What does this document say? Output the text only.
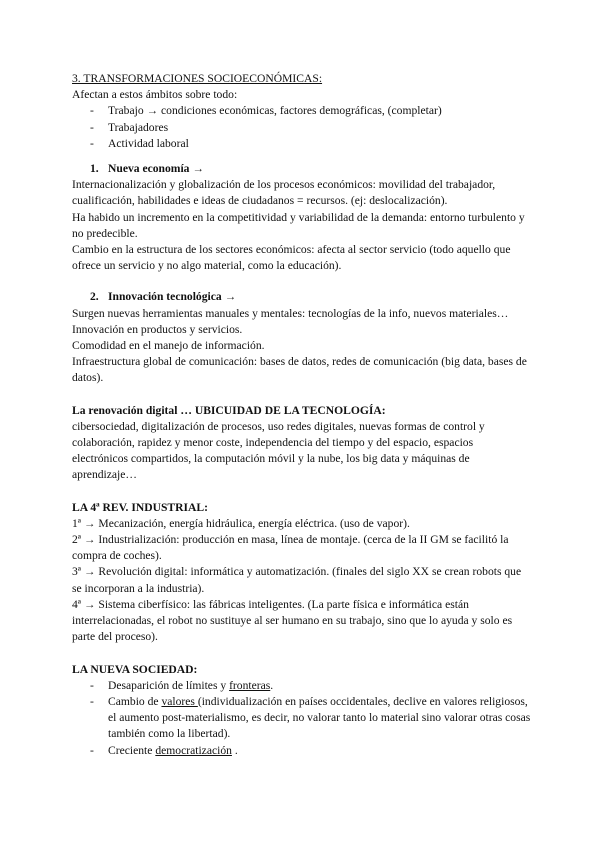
3. TRANSFORMACIONES SOCIOECONÓMICAS:

Afectan a estos ámbitos sobre todo:

- Trabajo → condiciones económicas, factores demográficas, (completar)
- Trabajadores
- Actividad laboral

1. Nueva economía →

Internacionalización y globalización de los procesos económicos: movilidad del trabajador, cualificación, habilidades e ideas de ciudadanos = recursos. (ej: deslocalización).

Ha habido un incremento en la competitividad y variabilidad de la demanda: entorno turbulento y no predecible.

Cambio en la estructura de los sectores económicos: afecta al sector servicio (todo aquello que ofrece un servicio y no algo material, como la educación).

2. Innovación tecnológica →

Surgen nuevas herramientas manuales y mentales: tecnologías de la info, nuevos materiales…

Innovación en productos y servicios.

Comodidad en el manejo de información.

Infraestructura global de comunicación: bases de datos, redes de comunicación (big data, bases de datos).

La renovación digital … UBICUIDAD DE LA TECNOLOGÍA:

cibersociedad, digitalización de procesos, uso redes digitales, nuevas formas de control y colaboración, rapidez y menor coste, independencia del tiempo y del espacio, espacios electrónicos compartidos, la computación móvil y la nube, los big data y máquinas de aprendizaje…

LA 4ª REV. INDUSTRIAL:

1ª → Mecanización, energía hidráulica, energía eléctrica. (uso de vapor).

2ª → Industrialización: producción en masa, línea de montaje. (cerca de la II GM se facilitó la compra de coches).

3ª → Revolución digital: informática y automatización. (finales del siglo XX se crean robots que se incorporan a la industria).

4ª → Sistema ciberfísico: las fábricas inteligentes. (La parte física e informática están interrelacionadas, el robot no sustituye al ser humano en su trabajo, sino que lo ayuda y solo es parte del proceso).

LA NUEVA SOCIEDAD:

- Desaparición de límites y fronteras.
- Cambio de valores (individualización en países occidentales, declive en valores religiosos, el aumento post-materialismo, es decir, no valorar tanto lo material sino valorar otras cosas también como la libertad).
- Creciente democratización .
